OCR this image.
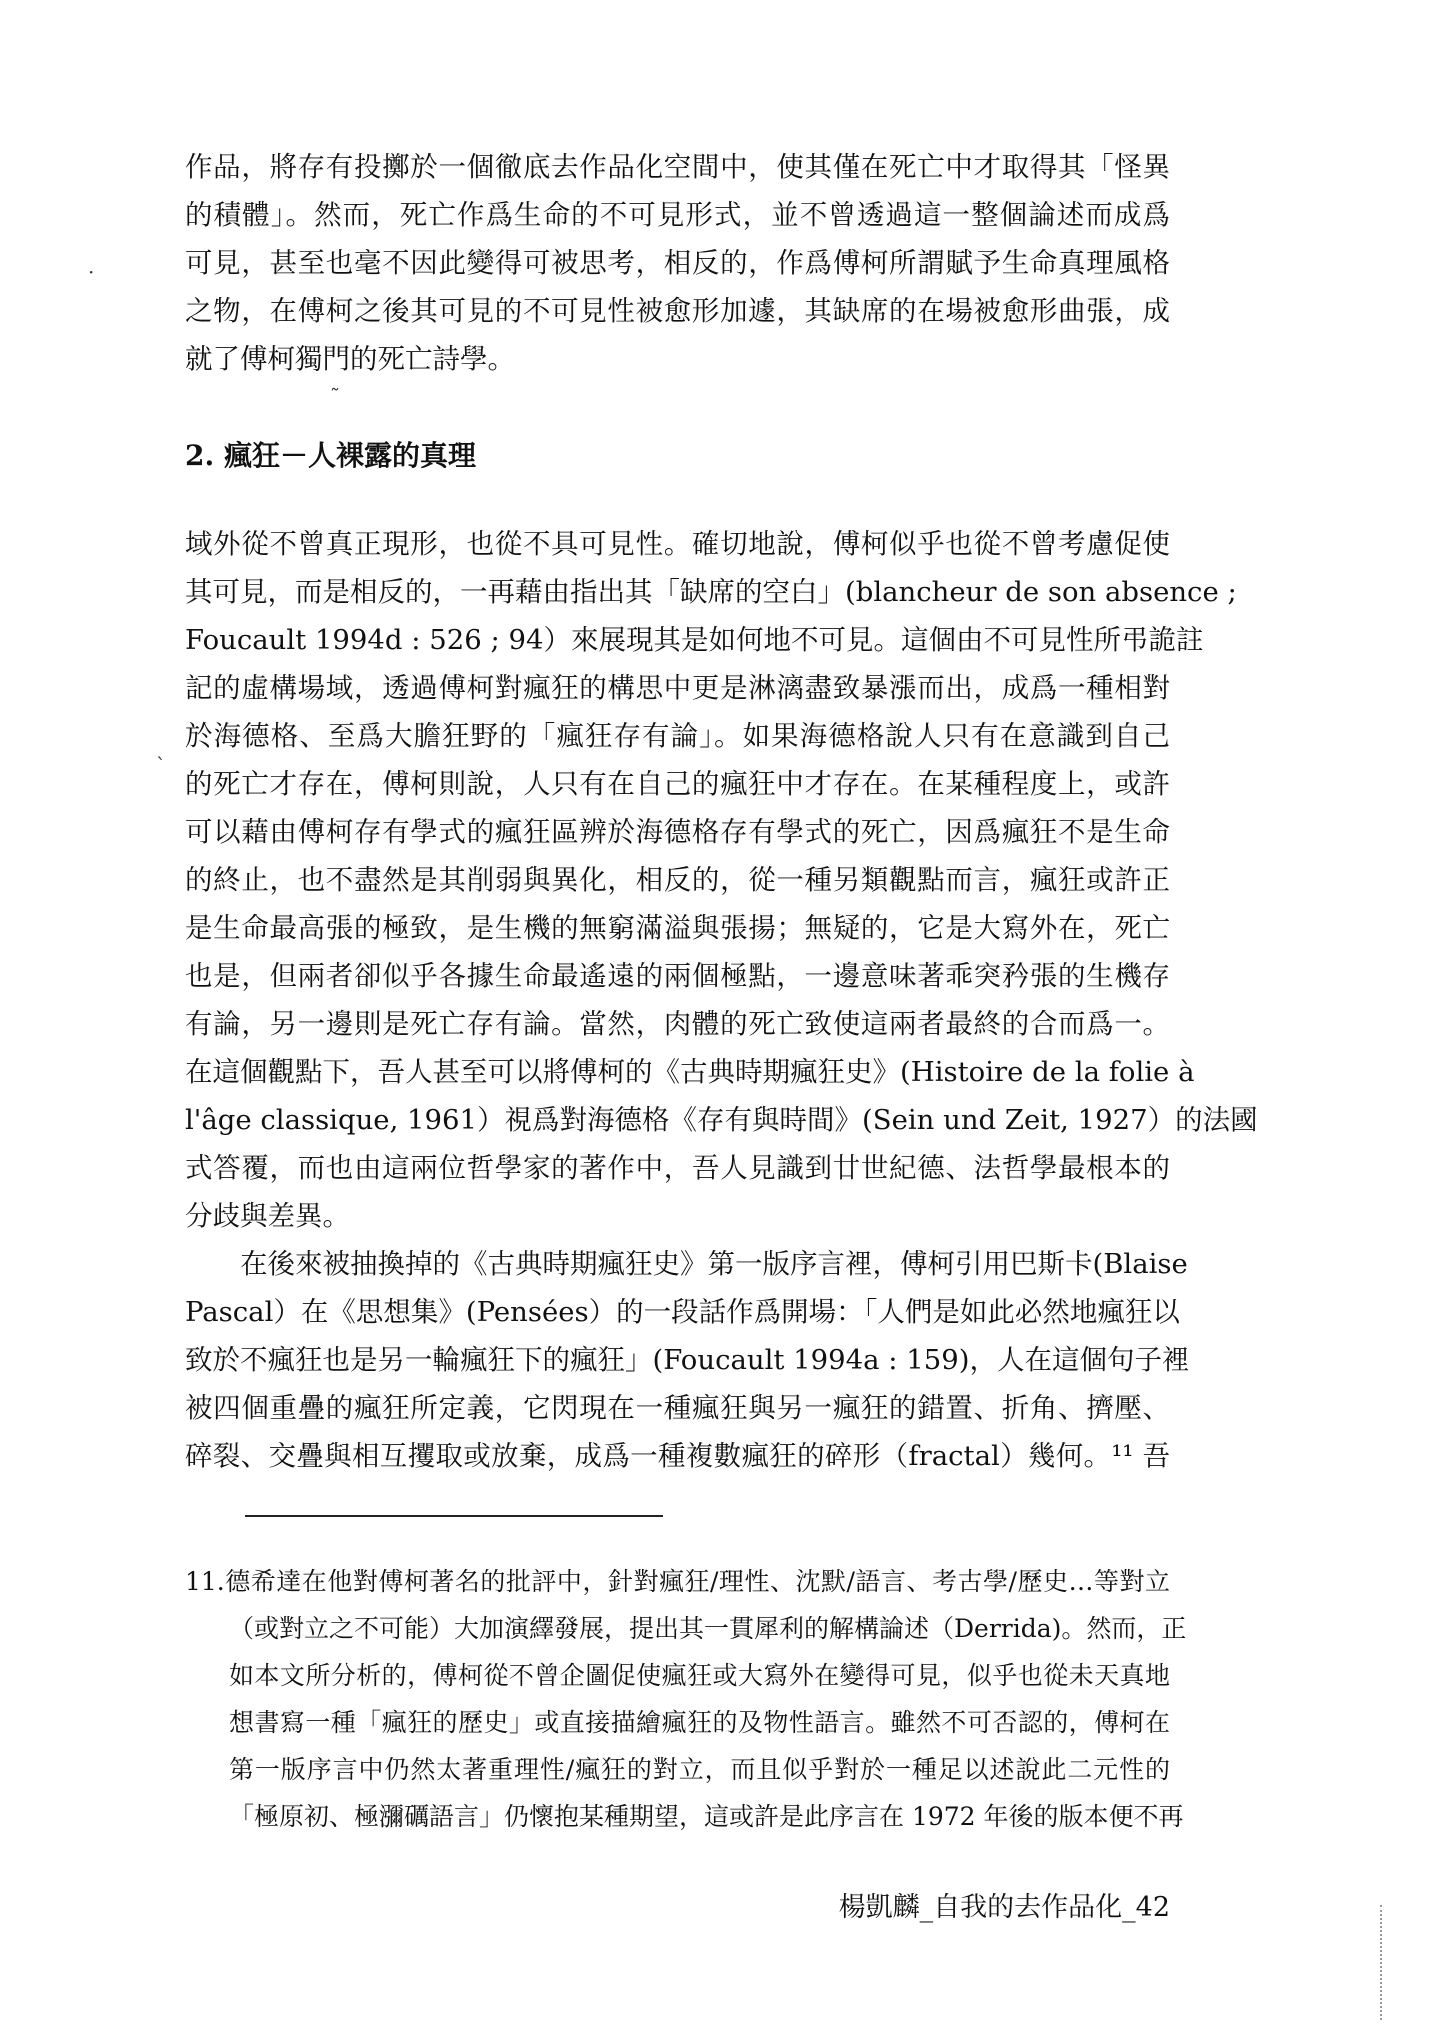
作品，將存有投擲於一個徹底去作品化空間中，使其僅在死亡中才取得其「怪異
的積體」。然而，死亡作爲生命的不可見形式，並不曾透過這一整個論述而成爲
可見，甚至也毫不因此變得可被思考，相反的，作爲傅柯所謂賦予生命真理風格
之物，在傅柯之後其可見的不可見性被愈形加遽，其缺席的在場被愈形曲張，成
就了傅柯獨門的死亡詩學。
˜
·
2. 瘋狂－人裸露的真理
域外從不曾真正現形，也從不具可見性。確切地說，傅柯似乎也從不曾考慮促使
其可見，而是相反的，一再藉由指出其「缺席的空白」(blancheur de son absence ;
Foucault 1994d : 526 ; 94）來展現其是如何地不可見。這個由不可見性所弔詭註
記的虛構場域，透過傅柯對瘋狂的構思中更是淋漓盡致暴漲而出，成爲一種相對
於海德格、至爲大膽狂野的「瘋狂存有論」。如果海德格說人只有在意識到自己
的死亡才存在，傅柯則說，人只有在自己的瘋狂中才存在。在某種程度上，或許
可以藉由傅柯存有學式的瘋狂區辨於海德格存有學式的死亡，因爲瘋狂不是生命
的終止，也不盡然是其削弱與異化，相反的，從一種另類觀點而言，瘋狂或許正
是生命最高張的極致，是生機的無窮滿溢與張揚；無疑的，它是大寫外在，死亡
也是，但兩者卻似乎各據生命最遙遠的兩個極點，一邊意味著乖突矜張的生機存
有論，另一邊則是死亡存有論。當然，肉體的死亡致使這兩者最終的合而爲一。
在這個觀點下，吾人甚至可以將傅柯的《古典時期瘋狂史》(Histoire de la folie à
l'âge classique, 1961）視爲對海德格《存有與時間》(Sein und Zeit, 1927）的法國
式答覆，而也由這兩位哲學家的著作中，吾人見識到廿世紀德、法哲學最根本的
分歧與差異。
`
在後來被抽換掉的《古典時期瘋狂史》第一版序言裡，傅柯引用巴斯卡(Blaise
Pascal）在《思想集》(Pensées）的一段話作爲開場：「人們是如此必然地瘋狂以
致於不瘋狂也是另一輪瘋狂下的瘋狂」(Foucault 1994a : 159)，人在這個句子裡
被四個重疊的瘋狂所定義，它閃現在一種瘋狂與另一瘋狂的錯置、折角、擠壓、
碎裂、交疊與相互攫取或放棄，成爲一種複數瘋狂的碎形（fractal）幾何。¹¹ 吾
11.德希達在他對傅柯著名的批評中，針對瘋狂/理性、沈默/語言、考古學/歷史…等對立
（或對立之不可能）大加演繹發展，提出其一貫犀利的解構論述（Derrida)。然而，正
如本文所分析的，傅柯從不曾企圖促使瘋狂或大寫外在變得可見，似乎也從未天真地
想書寫一種「瘋狂的歷史」或直接描繪瘋狂的及物性語言。雖然不可否認的，傅柯在
第一版序言中仍然太著重理性/瘋狂的對立，而且似乎對於一種足以述說此二元性的
「極原初、極瀰礪語言」仍懷抱某種期望，這或許是此序言在 1972 年後的版本便不再
楊凱麟_自我的去作品化_42
